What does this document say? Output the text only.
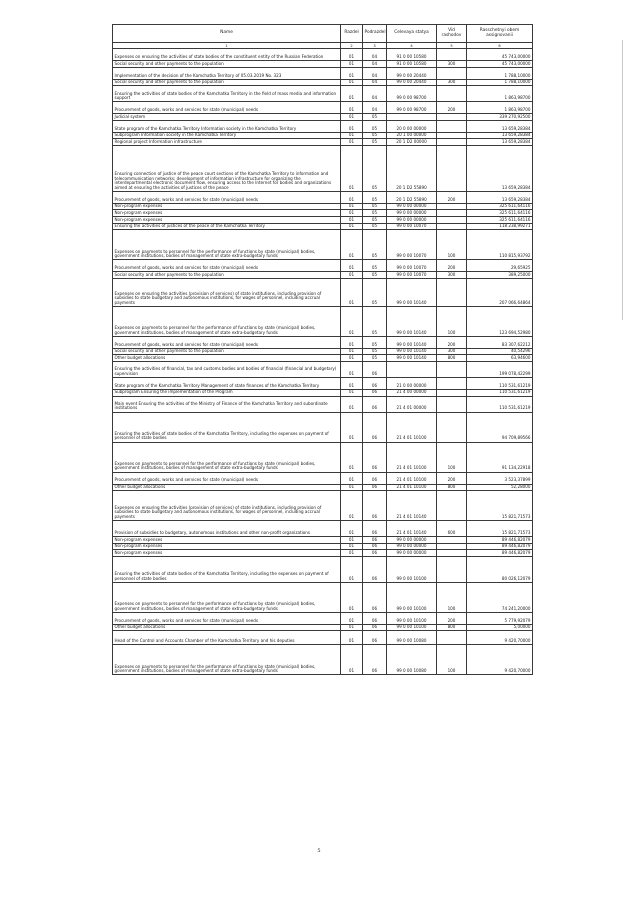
Name	Razdel	Podrazdel	Celevaya statya	Vid rashodov	Rasschetnyi obem assignovanii
1	2	3	4	5	6
Expenses on ensuring the activities of state bodies of the constituent entity of the Russian Federation	01	04	91 0 00 10580		45 743,00000
Social security and other payments to the population	01	04	91 0 00 10580	300	45 743,00000
Implementation of the decision of the Kamchatka Territory of 05.03.2019 No. 323	01	04	99 0 00 20440		1 788,10000
Social security and other payments to the population	01	04	99 0 00 20440	300	1 788,10000
Ensuring the activities of state bodies of the Kamchatka Territory in the field of mass media and information support	01	04	99 0 00 98700		1 863,98700
Procurement of goods, works and services for state (municipal) needs	01	04	99 0 00 98700	200	1 863,98700
Judicial system	01	05			339 270,92500
State program of the Kamchatka Territory Information society in the Kamchatka Territory	01	05	20 0 00 00000		13 659,28384
Subprogram Information society in the Kamchatka Territory	01	05	20 1 00 00000		13 659,28384
Regional project Information infrastructure	01	05	20 1 D2 00000		13 659,28384
Ensuring connection of justice of the peace court sections of the Kamchatka Territory to information and telecommunication networks; development of information infrastructure for organizing the interdepartmental electronic document flow, ensuring access to the Internet for bodies and organizations aimed at ensuring the activities of justices of the peace	01	05	20 1 D2 55890		13 659,28384
Procurement of goods, works and services for state (municipal) needs	01	05	20 1 D2 55890	200	13 659,28384
Non-program expenses	01	05	99 0 00 00000		325 611,64116
Non-program expenses	01	05	99 0 00 00000		325 611,64116
Non-program expenses	01	05	99 0 00 00000		325 611,64116
Ensuring the activities of justices of the peace of the Kamchatka Territory	01	05	99 0 00 10070		118 238,99271
Expenses on payments to personnel for the performance of functions by state (municipal) bodies, government institutions, bodies of management of state extra-budgetary funds	01	05	99 0 00 10070	100	110 815,93792
Procurement of goods, works and services for state (municipal) needs	01	05	99 0 00 10070	200	29,65925
Social security and other payments to the population	01	05	99 0 00 10070	300	389,25000
Expenses on ensuring the activities (provision of services) of state institutions, including provision of subsidies to state budgetary and autonomous institutions, for wages of personnel, including accrual payments	01	05	99 0 00 10140		207 066,64864
Expenses on payments to personnel for the performance of functions by state (municipal) bodies, government institutions, bodies of management of state extra-budgetary funds	01	05	99 0 00 10140	100	123 694,52980
Procurement of goods, works and services for state (municipal) needs	01	05	99 0 00 10140	200	83 307,62212
Social security and other payments to the population	01	05	99 0 00 10140	300	40,54296
Other budget allocations	01	05	99 0 00 10140	800	63,94600
Ensuring the activities of financial, tax and customs bodies and bodies of financial (financial and budgetary) supervision	01	06			199 078,42299
State program of the Kamchatka Territory Management of state finances of the Kamchatka Territory	01	06	21 0 00 00000		110 531,61219
Subprogram Ensuring the implementation of the Program	01	06	21 4 00 00000		110 531,61219
Main event Ensuring the activities of the Ministry of Finance of the Kamchatka Territory and subordinate institutions	01	06	21 4 01 00000		110 531,61219
Ensuring the activities of state bodies of the Kamchatka Territory, including the expenses on payment of personnel of state bodies	01	06	21 4 01 10100		94 709,89566
Expenses on payments to personnel for the performance of functions by state (municipal) bodies, government institutions, bodies of management of state extra-budgetary funds	01	06	21 4 01 10100	100	91 134,22918
Procurement of goods, works and services for state (municipal) needs	01	06	21 4 01 10100	200	3 523,37899
Other budget allocations	01	06	21 4 01 10100	800	52,28000
Expenses on ensuring the activities (provision of services) of state institutions, including provision of subsidies to state budgetary and autonomous institutions, for wages of personnel, including accrual payments	01	06	21 4 01 10140		15 821,71573
Provision of subsidies to budgetary, autonomous institutions and other non-profit organizations	01	06	21 4 01 10140	600	15 821,71573
Non-program expenses	01	06	99 0 00 00000		89 446,82079
Non-program expenses	01	06	99 0 00 00000		89 446,82079
Non-program expenses	01	06	99 0 00 00000		89 446,82079
Ensuring the activities of state bodies of the Kamchatka Territory, including the expenses on payment of personnel of state bodies	01	06	99 0 00 10100		80 026,12079
Expenses on payments to personnel for the performance of functions by state (municipal) bodies, government institutions, bodies of management of state extra-budgetary funds	01	06	99 0 00 10100	100	74 241,20000
Procurement of goods, works and services for state (municipal) needs	01	06	99 0 00 10100	200	5 779,92079
Other budget allocations	01	06	99 0 00 10100	800	5,00000
Head of the Control and Accounts Chamber of the Kamchatka Territory and his deputies	01	06	99 0 00 10080		9 420,70000
Expenses on payments to personnel for the performance of functions by state (municipal) bodies, government institutions, bodies of management of state extra-budgetary funds	01	06	99 0 00 10080	100	9 420,70000
5
